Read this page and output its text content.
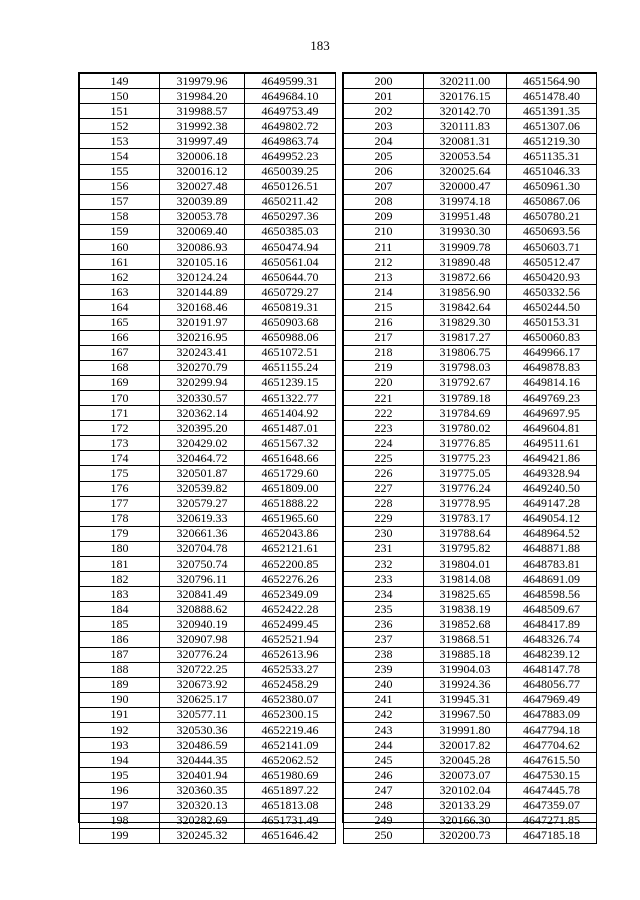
183
149	319979.96	4649599.31
150	319984.20	4649684.10
151	319988.57	4649753.49
152	319992.38	4649802.72
153	319997.49	4649863.74
154	320006.18	4649952.23
155	320016.12	4650039.25
156	320027.48	4650126.51
157	320039.89	4650211.42
158	320053.78	4650297.36
159	320069.40	4650385.03
160	320086.93	4650474.94
161	320105.16	4650561.04
162	320124.24	4650644.70
163	320144.89	4650729.27
164	320168.46	4650819.31
165	320191.97	4650903.68
166	320216.95	4650988.06
167	320243.41	4651072.51
168	320270.79	4651155.24
169	320299.94	4651239.15
170	320330.57	4651322.77
171	320362.14	4651404.92
172	320395.20	4651487.01
173	320429.02	4651567.32
174	320464.72	4651648.66
175	320501.87	4651729.60
176	320539.82	4651809.00
177	320579.27	4651888.22
178	320619.33	4651965.60
179	320661.36	4652043.86
180	320704.78	4652121.61
181	320750.74	4652200.85
182	320796.11	4652276.26
183	320841.49	4652349.09
184	320888.62	4652422.28
185	320940.19	4652499.45
186	320907.98	4652521.94
187	320776.24	4652613.96
188	320722.25	4652533.27
189	320673.92	4652458.29
190	320625.17	4652380.07
191	320577.11	4652300.15
192	320530.36	4652219.46
193	320486.59	4652141.09
194	320444.35	4652062.52
195	320401.94	4651980.69
196	320360.35	4651897.22
197	320320.13	4651813.08
198	320282.69	4651731.49
199	320245.32	4651646.42
200	320211.00	4651564.90
201	320176.15	4651478.40
202	320142.70	4651391.35
203	320111.83	4651307.06
204	320081.31	4651219.30
205	320053.54	4651135.31
206	320025.64	4651046.33
207	320000.47	4650961.30
208	319974.18	4650867.06
209	319951.48	4650780.21
210	319930.30	4650693.56
211	319909.78	4650603.71
212	319890.48	4650512.47
213	319872.66	4650420.93
214	319856.90	4650332.56
215	319842.64	4650244.50
216	319829.30	4650153.31
217	319817.27	4650060.83
218	319806.75	4649966.17
219	319798.03	4649878.83
220	319792.67	4649814.16
221	319789.18	4649769.23
222	319784.69	4649697.95
223	319780.02	4649604.81
224	319776.85	4649511.61
225	319775.23	4649421.86
226	319775.05	4649328.94
227	319776.24	4649240.50
228	319778.95	4649147.28
229	319783.17	4649054.12
230	319788.64	4648964.52
231	319795.82	4648871.88
232	319804.01	4648783.81
233	319814.08	4648691.09
234	319825.65	4648598.56
235	319838.19	4648509.67
236	319852.68	4648417.89
237	319868.51	4648326.74
238	319885.18	4648239.12
239	319904.03	4648147.78
240	319924.36	4648056.77
241	319945.31	4647969.49
242	319967.50	4647883.09
243	319991.80	4647794.18
244	320017.82	4647704.62
245	320045.28	4647615.50
246	320073.07	4647530.15
247	320102.04	4647445.78
248	320133.29	4647359.07
249	320166.30	4647271.85
250	320200.73	4647185.18
